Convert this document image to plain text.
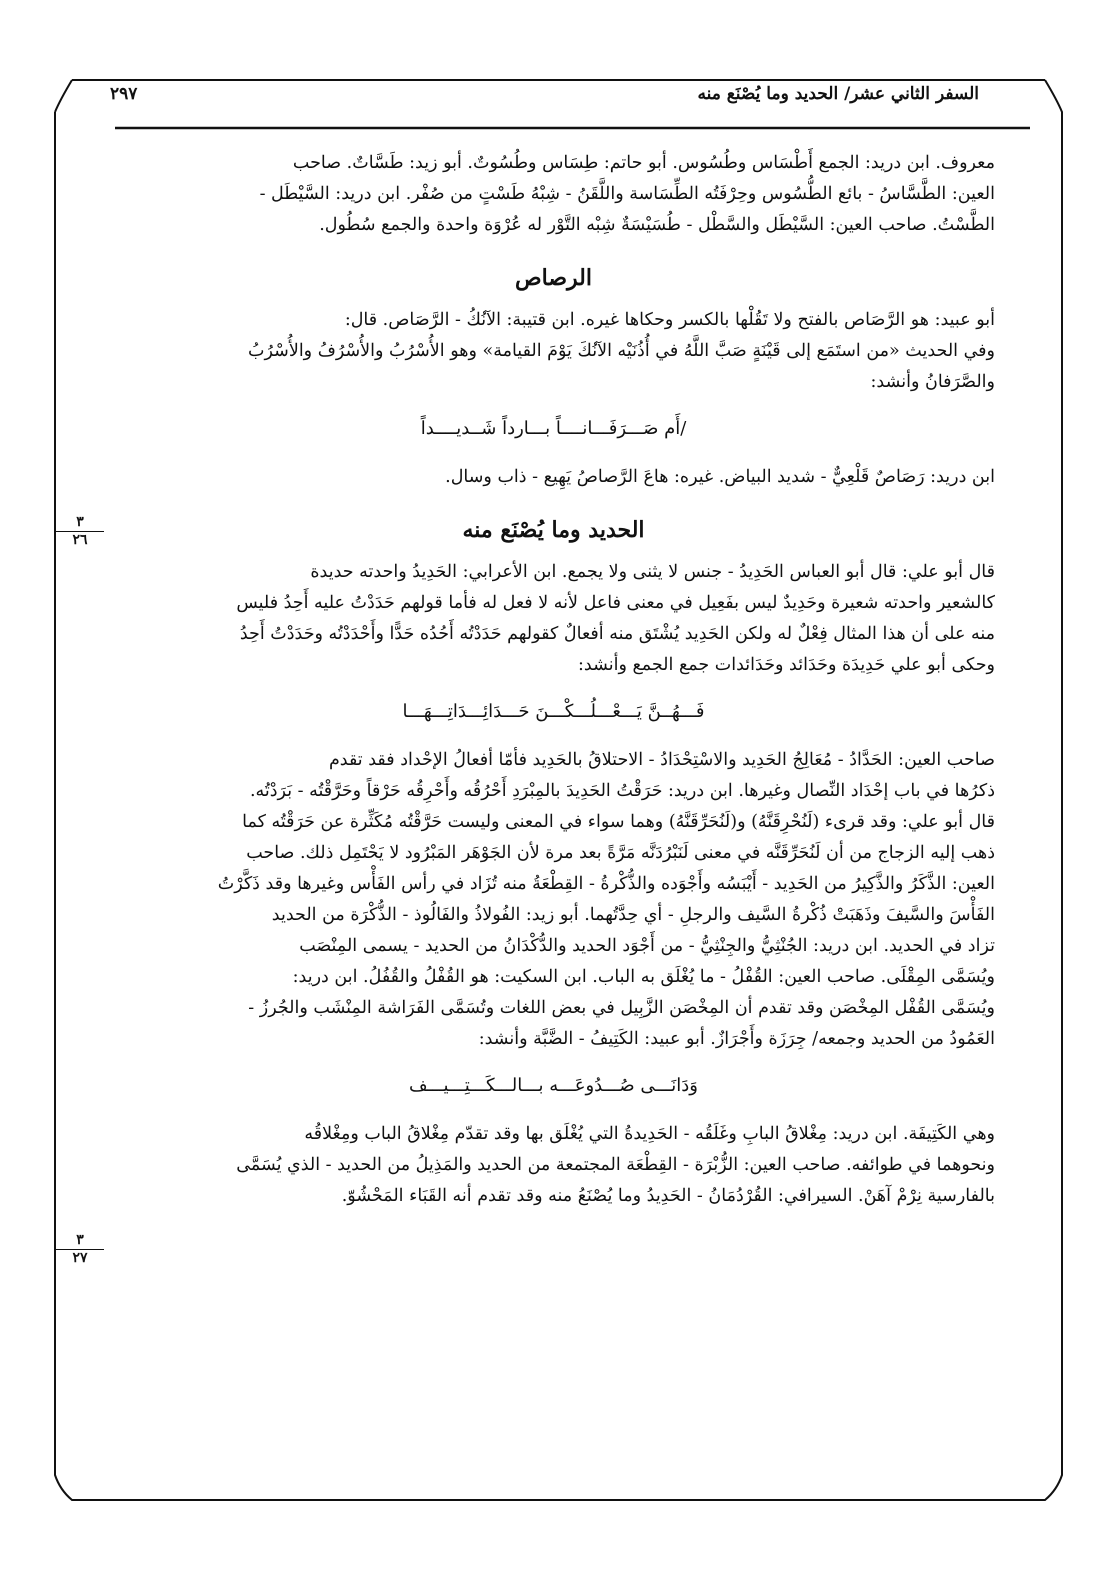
٢٩٧	السفر الثاني عشر/ الحديد وما يُصْنَع منه
٣
٢٦
٣
٢٧

معروف. ابن دريد: الجمع أَطْسَاس وطُسُوس. أبو حاتم: طِسَاس وطُسُوتٌ. أبو زيد: طَسَّاتٌ. صاحب

العين: الطَّسَّاسُ - بائع الطُّسُوس وحِرْفَتُه الطِّسَاسة واللَّقَنُ - شِبْهُ طَسْتٍ من صُفْر. ابن دريد: السَّيْطَل -

الطَّسْتُ. صاحب العين: السَّيْطَل والسَّطْل - طُسَيْسَةٌ شِبْه التَّوْر له عُرْوَة واحدة والجمع سُطُول.

الرصاص

أبو عبيد: هو الرَّصَاص بالفتح ولا تَقُلْها بالكسر وحكاها غيره. ابن قتيبة: الآنُكُ - الرَّصَاص. قال:

وفي الحديث «من استَمَع إلى قَيْنَةٍ صَبَّ اللَّهُ في أُذُنَيْه الآنُكَ يَوْمَ القيامة» وهو الأُسْرُبُ والأُسْرُفُ والأُسْرُبُ

والصَّرَفانُ وأنشد:

/أَم صَـــرَفَـــانــــاً بـــارداً شَــديــــداً

ابن دريد: رَصَاصٌ قَلْعِيٌّ - شديد البياض. غيره: هاعَ الرَّصاصُ يَهِيع - ذاب وسال.

الحديد وما يُصْنَع منه

قال أبو علي: قال أبو العباس الحَدِيدُ - جنس لا يثنى ولا يجمع. ابن الأعرابي: الحَدِيدُ واحدته حديدة

كالشعير واحدته شعيرة وحَدِيدٌ ليس بفَعِيل في معنى فاعل لأنه لا فعل له فأما قولهم حَدَدْتُ عليه أَحِدُ فليس

منه على أن هذا المثال فِعْلٌ له ولكن الحَدِيد يُشْتَق منه أفعالٌ كقولهم حَدَدْتُه أَحُدُه حَدًّا وأَحْدَدْتُه وحَدَدْتُ أَحِدُ

وحكى أبو علي حَدِيدَة وحَدَائد وحَدَائدات جمع الجمع وأنشد:

فَـــهُــنَّ يَـــعْـــلُـــكْـــنَ حَـــدَائِـــدَاتِـــهَـــا

صاحب العين: الحَدَّادُ - مُعَالِجُ الحَدِيد والاسْتِحْدَادُ - الاحتلاقُ بالحَدِيد فأمّا أفعالُ الإحْداد فقد تقدم

ذكرُها في باب إحْدَاد النِّصال وغيرها. ابن دريد: حَرَقْتُ الحَدِيدَ بالمِبْرَدِ أَحْرُقُه وأَحْرِقُه حَرْقاً وحَرَّقْتُه - بَرَدْتُه.

قال أبو علي: وقد قرىء (لَنُحْرِقَنَّهُ) و(لَنُحَرِّقَنَّهُ) وهما سواء في المعنى وليست حَرَّقْتُه مُكَثِّرة عن حَرَقْتُه كما

ذهب إليه الزجاج من أن لَنُحَرِّقَنَّه في معنى لَنَبْرُدَنَّه مَرَّةً بعد مرة لأن الجَوْهَر المَبْرُود لا يَحْتَمِل ذلك. صاحب

العين: الذَّكَرُ والذَّكِيرُ من الحَدِيد - أَيْبَسُه وأَجْوَده والذُّكْرةُ - القِطْعَةُ منه تُزَاد في رأس الفَأْس وغيرها وقد ذَكَّرْتُ

الفَأْسَ والسَّيفَ وذَهَبَتْ ذُكْرةُ السَّيف والرجلِ - أي حِدَّتُهما. أبو زيد: الفُولاذُ والفَالُوذ - الذُّكْرَة من الحديد

تزاد في الحديد. ابن دريد: الجُنْثِيُّ والجِنْثِيُّ - من أَجْوَد الحديد والدُّكْدَانُ من الحديد - يسمى المِنْصَب

ويُسَمَّى المِقْلَى. صاحب العين: القُفْلُ - ما يُغْلَق به الباب. ابن السكيت: هو القُفْلُ والقُفُلُ. ابن دريد:

ويُسَمَّى القُفْل المِخْصَن وقد تقدم أن المِخْصَن الزَّبِيل في بعض اللغات وتُسَمَّى الفَرَاشة المِنْشَب والجُرزُ -

العَمُودُ من الحديد وجمعه/ جِرَزَة وأَجْرَازٌ. أبو عبيد: الكَتِيفُ - الضَّبَّة وأنشد:

وَدَانَـــى صُـــدُوعَـــه بـــالـــكَـــتِـــيـــف

وهي الكَتِيفَة. ابن دريد: مِغْلاقُ البابِ وغَلَقُه - الحَدِيدةُ التي يُغْلَق بها وقد تقدّم مِغْلاقُ الباب ومِغْلاقُه

ونحوهما في طوائفه. صاحب العين: الزُّبْرَة - القِطْعَة المجتمعة من الحديد والمَذِيلُ من الحديد - الذي يُسَمَّى

بالفارسية نِرْمْ آهَنْ. السيرافي: القُرْدُمَانُ - الحَدِيدُ وما يُصْنَعُ منه وقد تقدم أنه القَبَاء المَحْشُوّ.
